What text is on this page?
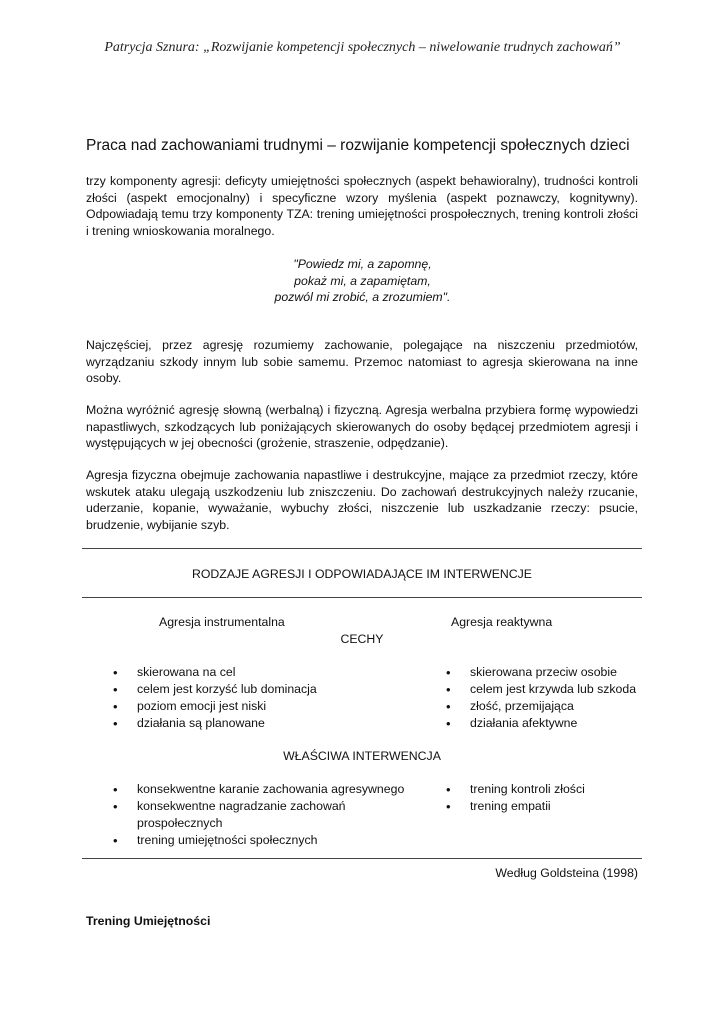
Patrycja Sznura: „Rozwijanie kompetencji społecznych – niwelowanie trudnych zachowań”
Praca nad zachowaniami trudnymi – rozwijanie kompetencji społecznych dzieci
trzy komponenty agresji: deficyty umiejętności społecznych (aspekt behawioralny), trudności kontroli złości (aspekt emocjonalny) i specyficzne wzory myślenia (aspekt poznawczy, kognitywny). Odpowiadają temu trzy komponenty TZA: trening umiejętności prospołecznych, trening kontroli złości i trening wnioskowania moralnego.
"Powiedz mi, a zapomnę,
pokaż mi, a zapamiętam,
pozwól mi zrobić, a zrozumiem".
Najczęściej, przez agresję rozumiemy zachowanie, polegające na niszczeniu przedmiotów, wyrządzaniu szkody innym lub sobie samemu. Przemoc natomiast to agresja skierowana na inne osoby.
Można wyróżnić agresję słowną (werbalną) i fizyczną. Agresja werbalna przybiera formę wypowiedzi napastliwych, szkodzących lub poniżających skierowanych do osoby będącej przedmiotem agresji i występujących w jej obecności (grożenie, straszenie, odpędzanie).
Agresja fizyczna obejmuje zachowania napastliwe i destrukcyjne, mające za przedmiot rzeczy, które wskutek ataku ulegają uszkodzeniu lub zniszczeniu. Do zachowań destrukcyjnych należy rzucanie, uderzanie, kopanie, wyważanie, wybuchy złości, niszczenie lub uszkadzanie rzeczy: psucie, brudzenie, wybijanie szyb.
RODZAJE AGRESJI I ODPOWIADAJĄCE IM INTERWENCJE
Agresja instrumentalna	Agresja reaktywna
CECHY
• skierowana na cel
• celem jest korzyść lub dominacja
• poziom emocji jest niski
• działania są planowane
• skierowana przeciw osobie
• celem jest krzywda lub szkoda
• złość, przemijająca
• działania afektywne
WŁAŚCIWA INTERWENCJA
• konsekwentne karanie zachowania agresywnego
• konsekwentne nagradzanie zachowań prospołecznych
• trening umiejętności społecznych
• trening kontroli złości
• trening empatii
Według Goldsteina (1998)
Trening Umiejętności
